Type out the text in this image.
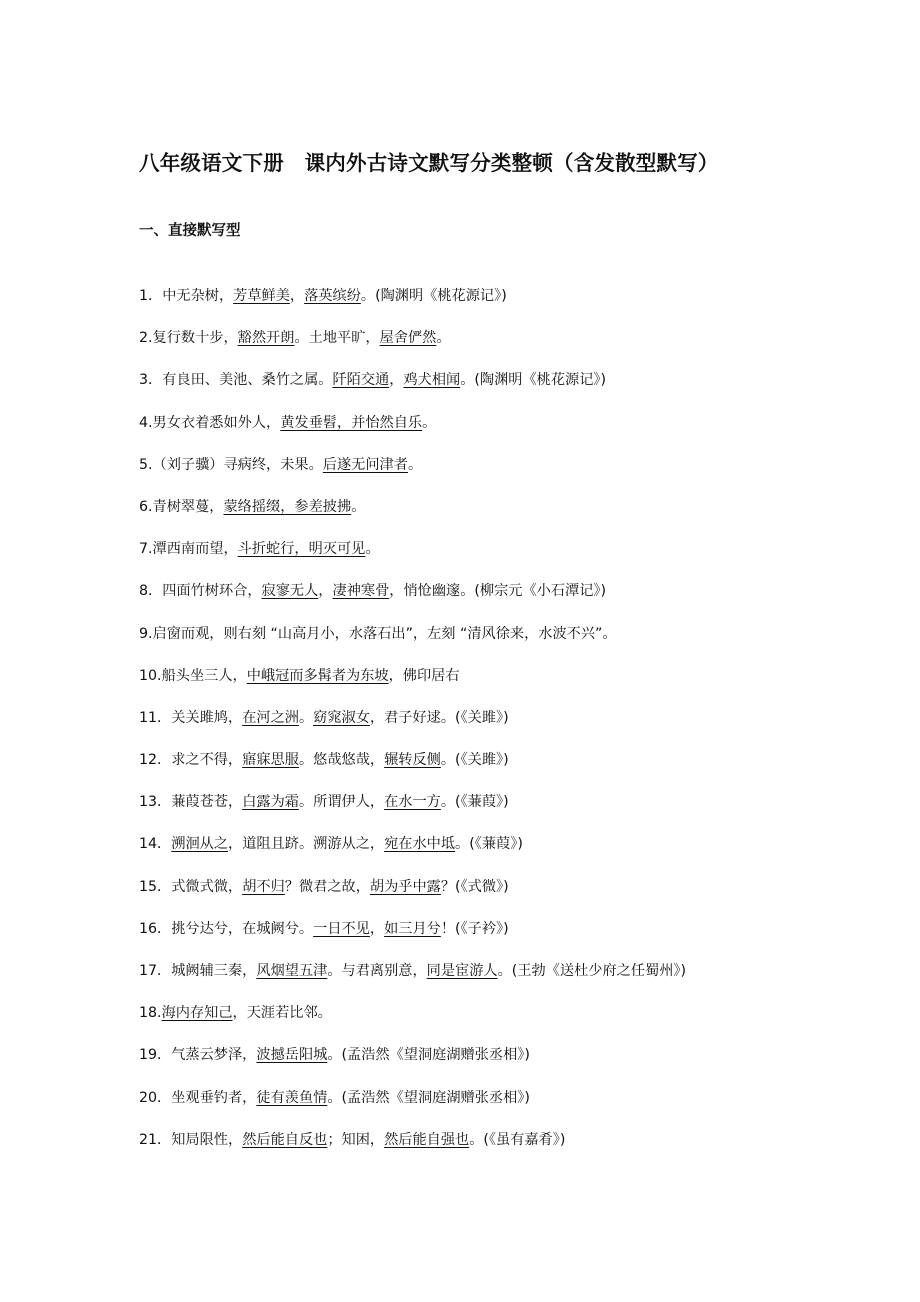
八年级语文下册　课内外古诗文默写分类整顿（含发散型默写）
一、直接默写型
1．中无杂树，芳草鲜美，落英缤纷。(陶渊明《桃花源记》)
2.复行数十步，豁然开朗。土地平旷，屋舍俨然。
3．有良田、美池、桑竹之属。阡陌交通，鸡犬相闻。(陶渊明《桃花源记》)
4.男女衣着悉如外人，黄发垂髫，并怡然自乐。
5.（刘子骥）寻病终，未果。后遂无问津者。
6.青树翠蔓，蒙络摇缀，参差披拂。
7.潭西南而望，斗折蛇行，明灭可见。
8．四面竹树环合，寂寥无人，凄神寒骨，悄怆幽邃。(柳宗元《小石潭记》)
9.启窗而观，则右刻 “山高月小，水落石出”，左刻 “清风徐来，水波不兴”。
10.船头坐三人，中峨冠而多髯者为东坡，佛印居右
11．关关雎鸠，在河之洲。窈窕淑女，君子好逑。(《关雎》)
12．求之不得，寤寐思服。悠哉悠哉，辗转反侧。(《关雎》)
13．蒹葭苍苍，白露为霜。所谓伊人，在水一方。(《蒹葭》)
14．溯洄从之，道阻且跻。溯游从之，宛在水中坻。(《蒹葭》)
15．式微式微，胡不归？微君之故，胡为乎中露？(《式微》)
16．挑兮达兮，在城阙兮。一日不见，如三月兮！(《子衿》)
17．城阙辅三秦，风烟望五津。与君离别意，同是宦游人。(王勃《送杜少府之任蜀州》)
18.海内存知己，天涯若比邻。
19．气蒸云梦泽，波撼岳阳城。(孟浩然《望洞庭湖赠张丞相》)
20．坐观垂钓者，徒有羡鱼情。(孟浩然《望洞庭湖赠张丞相》)
21．知局限性，然后能自反也；知困，然后能自强也。(《虽有嘉肴》)
